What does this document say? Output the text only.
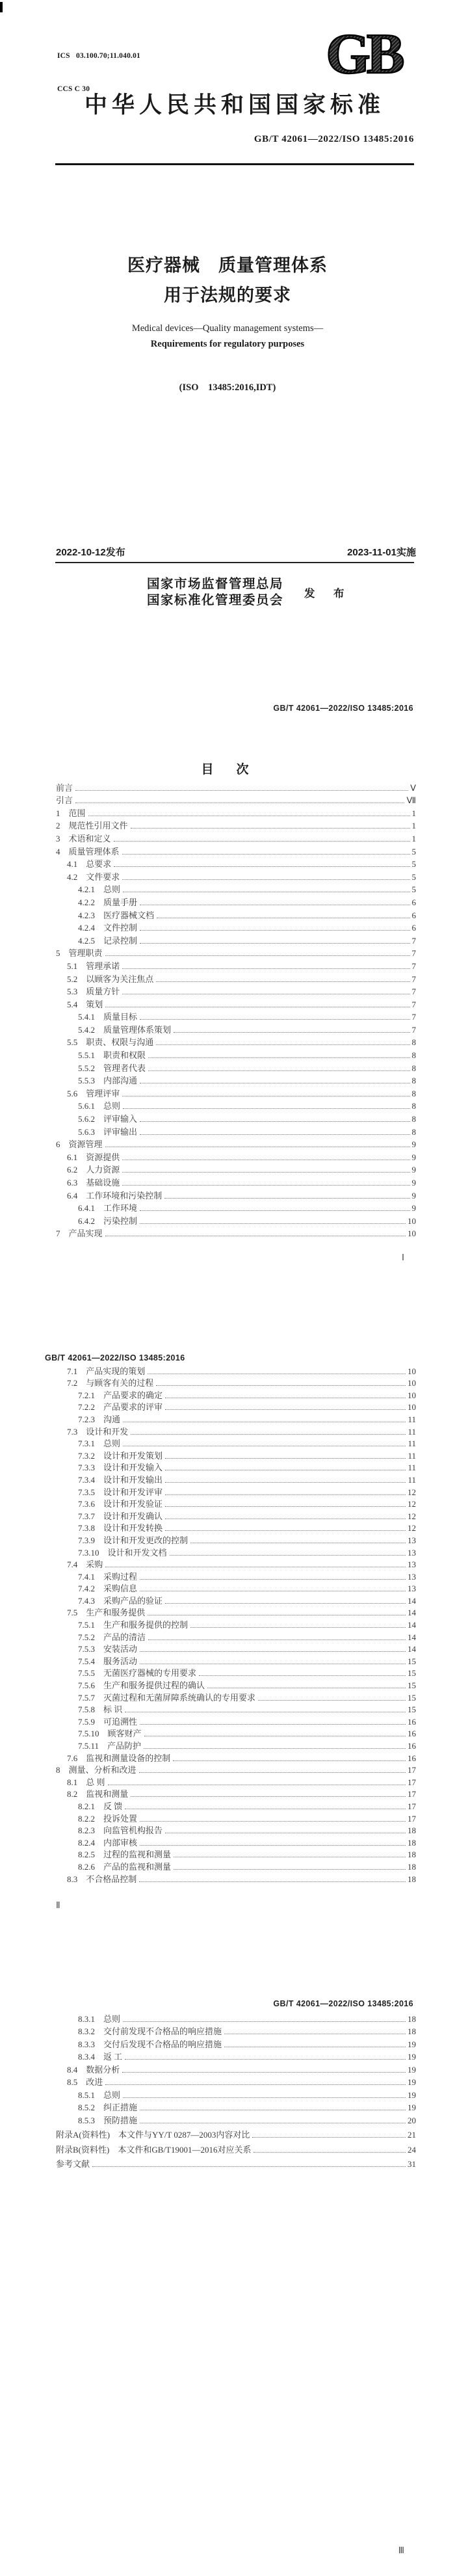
ICS   03.100.70;11.040.01

CCS C 30

GB
中华人民共和国国家标准
GB/T 42061—2022/ISO 13485:2016
医疗器械　质量管理体系
用于法规的要求
Medical devices—Quality management systems—
Requirements for regulatory purposes
(ISO　13485:2016,IDT)
2022-10-12发布	2023-11-01实施
国家市场监督管理总局
国家标准化管理委员会 发　布
GB/T 42061—2022/ISO 13485:2016
目　次
前言	Ⅴ
引言	Ⅶ
1　范围	1
2　规范性引用文件	1
3　术语和定义	1
4　质量管理体系	5
4.1　总要求	5
4.2　文件要求	5
4.2.1　总则	5
4.2.2　质量手册	6
4.2.3　医疗器械文档	6
4.2.4　文件控制	6
4.2.5　记录控制	7
5　管理职责	7
5.1　管理承诺	7
5.2　以顾客为关注焦点	7
5.3　质量方针	7
5.4　策划	7
5.4.1　质量目标	7
5.4.2　质量管理体系策划	7
5.5　职责、权限与沟通	8
5.5.1　职责和权限	8
5.5.2　管理者代表	8
5.5.3　内部沟通	8
5.6　管理评审	8
5.6.1　总则	8
5.6.2　评审输入	8
5.6.3　评审输出	8
6　资源管理	9
6.1　资源提供	9
6.2　人力资源	9
6.3　基础设施	9
6.4　工作环境和污染控制	9
6.4.1　工作环境	9
6.4.2　污染控制	10
7　产品实现	10
Ⅰ
GB/T 42061—2022/ISO 13485:2016
7.1　产品实现的策划	10
7.2　与顾客有关的过程	10
7.2.1　产品要求的确定	10
7.2.2　产品要求的评审	10
7.2.3　沟通	11
7.3　设计和开发	11
7.3.1　总则	11
7.3.2　设计和开发策划	11
7.3.3　设计和开发输入	11
7.3.4　设计和开发输出	11
7.3.5　设计和开发评审	12
7.3.6　设计和开发验证	12
7.3.7　设计和开发确认	12
7.3.8　设计和开发转换	12
7.3.9　设计和开发更改的控制	13
7.3.10　设计和开发文档	13
7.4　采购	13
7.4.1　采购过程	13
7.4.2　采购信息	13
7.4.3　采购产品的验证	14
7.5　生产和服务提供	14
7.5.1　生产和服务提供的控制	14
7.5.2　产品的清洁	14
7.5.3　安装活动	14
7.5.4　服务活动	15
7.5.5　无菌医疗器械的专用要求	15
7.5.6　生产和服务提供过程的确认	15
7.5.7　灭菌过程和无菌屏障系统确认的专用要求	15
7.5.8　标 识	15
7.5.9　可追溯性	16
7.5.10　顾客财产	16
7.5.11　产品防护	16
7.6　监视和测量设备的控制	16
8　测量、分析和改进	17
8.1　总 则	17
8.2　监视和测量	17
8.2.1　反 馈	17
8.2.2　投诉处置	17
8.2.3　向监管机构报告	18
8.2.4　内部审核	18
8.2.5　过程的监视和测量	18
8.2.6　产品的监视和测量	18
8.3　不合格品控制	18
Ⅱ
GB/T 42061—2022/ISO 13485:2016
8.3.1　总则	18
8.3.2　交付前发现不合格品的响应措施	18
8.3.3　交付后发现不合格品的响应措施	19
8.3.4　返 工	19
8.4　数据分析	19
8.5　改进	19
8.5.1　总则	19
8.5.2　纠正措施	19
8.5.3　预防措施	20
附录A(资料性)　本文件与YY/T 0287—2003内容对比	21
附录B(资料性)　本文件和GB/T19001—2016对应关系	24
参考文献	31
Ⅲ
